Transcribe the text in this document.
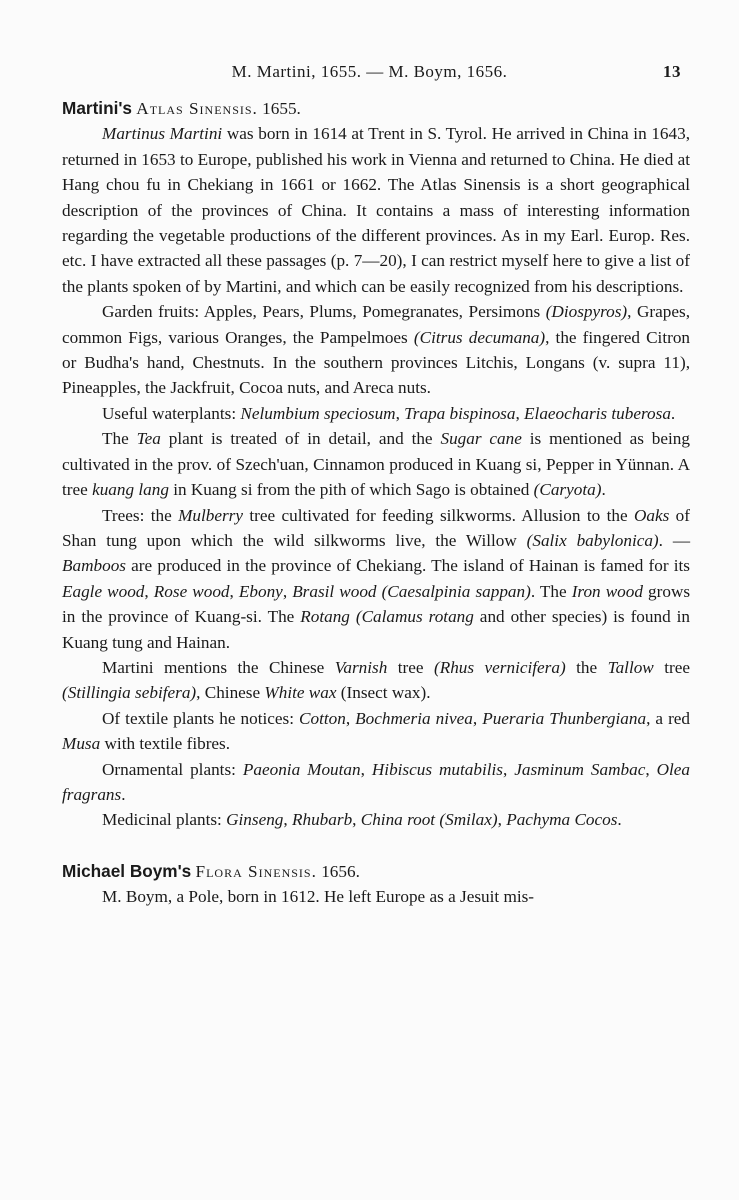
M. Martini, 1655. — M. Boym, 1656.	13

Martini's Atlas Sinensis. 1655.

Martinus Martini was born in 1614 at Trent in S. Tyrol. He arrived in China in 1643, returned in 1653 to Europe, published his work in Vienna and returned to China. He died at Hang chou fu in Chekiang in 1661 or 1662. The Atlas Sinensis is a short geographical description of the provinces of China. It contains a mass of interesting information regarding the vegetable productions of the different provinces. As in my Earl. Europ. Res. etc. I have extracted all these passages (p. 7—20), I can restrict myself here to give a list of the plants spoken of by Martini, and which can be easily recognized from his descriptions.

Garden fruits: Apples, Pears, Plums, Pomegranates, Persimons (Diospyros), Grapes, common Figs, various Oranges, the Pampelmoes (Citrus decumana), the fingered Citron or Budha's hand, Chestnuts. In the southern provinces Litchis, Longans (v. supra 11), Pineapples, the Jackfruit, Cocoa nuts, and Areca nuts.

Useful waterplants: Nelumbium speciosum, Trapa bispinosa, Elaeocharis tuberosa.

The Tea plant is treated of in detail, and the Sugar cane is mentioned as being cultivated in the prov. of Szech'uan, Cinnamon produced in Kuang si, Pepper in Yünnan. A tree kuang lang in Kuang si from the pith of which Sago is obtained (Caryota).

Trees: the Mulberry tree cultivated for feeding silkworms. Allusion to the Oaks of Shan tung upon which the wild silkworms live, the Willow (Salix babylonica). — Bamboos are produced in the province of Chekiang. The island of Hainan is famed for its Eagle wood, Rose wood, Ebony, Brasil wood (Caesalpinia sappan). The Iron wood grows in the province of Kuang-si. The Rotang (Calamus rotang and other species) is found in Kuang tung and Hainan.

Martini mentions the Chinese Varnish tree (Rhus vernicifera) the Tallow tree (Stillingia sebifera), Chinese White wax (Insect wax).

Of textile plants he notices: Cotton, Bochmeria nivea, Pueraria Thunbergiana, a red Musa with textile fibres.

Ornamental plants: Paeonia Moutan, Hibiscus mutabilis, Jasminum Sambac, Olea fragrans.

Medicinal plants: Ginseng, Rhubarb, China root (Smilax), Pachyma Cocos.

Michael Boym's Flora Sinensis. 1656.

M. Boym, a Pole, born in 1612. He left Europe as a Jesuit mis-
